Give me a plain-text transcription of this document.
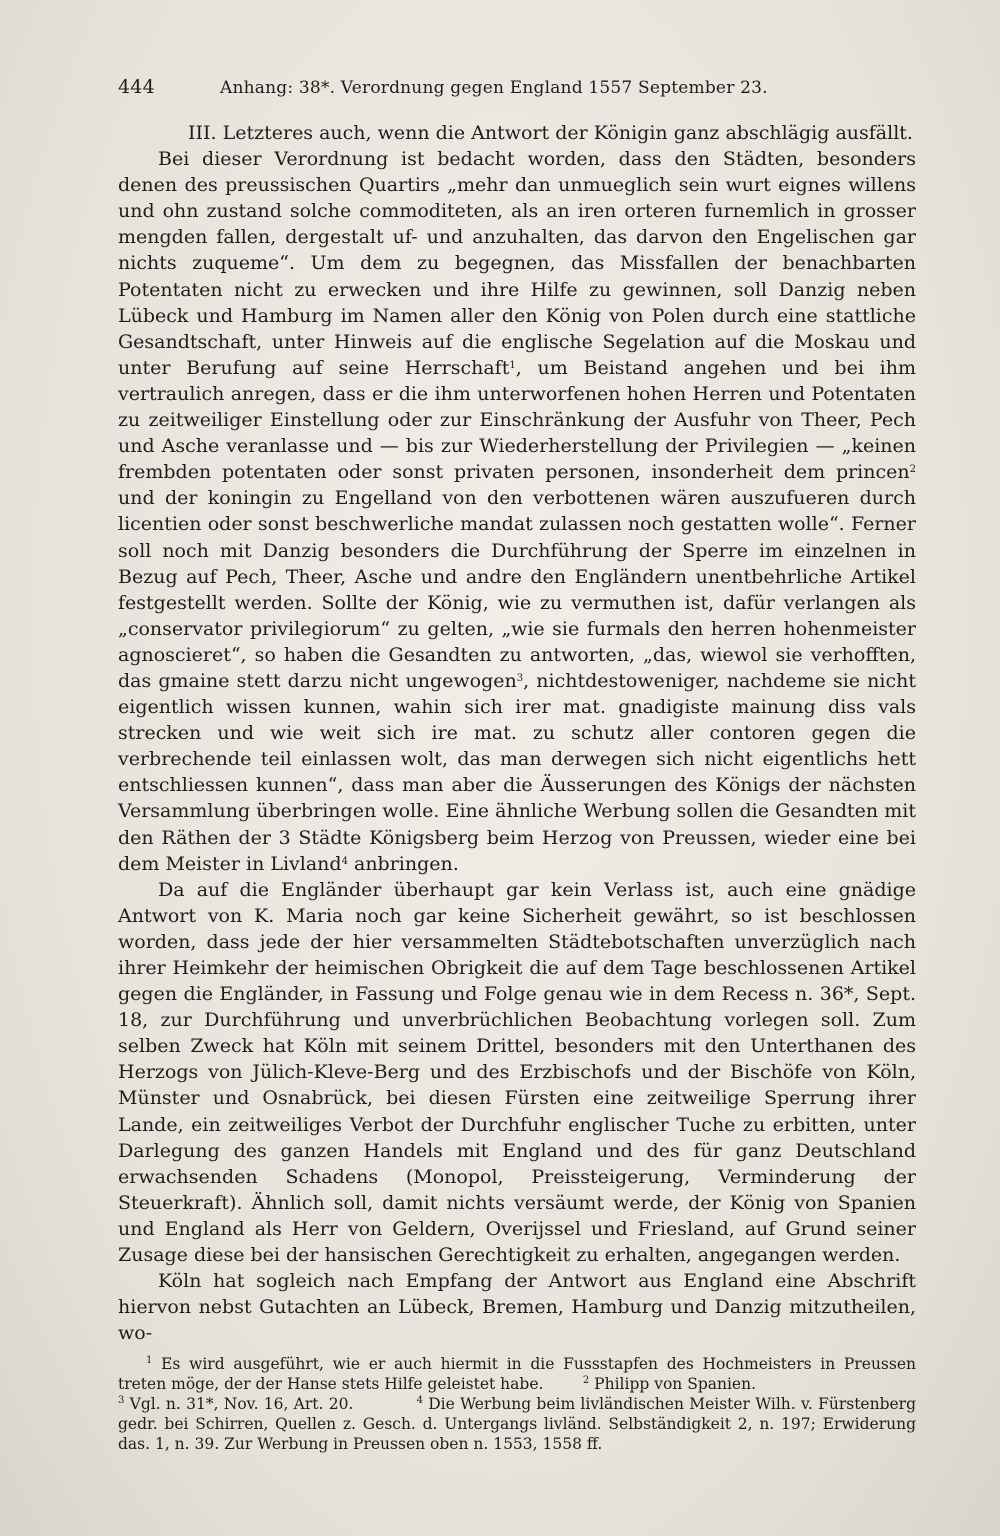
444	Anhang: 38*. Verordnung gegen England 1557 September 23.

III. Letzteres auch, wenn die Antwort der Königin ganz abschlägig ausfällt.

Bei dieser Verordnung ist bedacht worden, dass den Städten, besonders denen des preussischen Quartirs „mehr dan unmueglich sein wurt eignes willens und ohn zustand solche commoditeten, als an iren orteren furnemlich in grosser mengden fallen, dergestalt uf- und anzuhalten, das darvon den Engelischen gar nichts zuqueme“. Um dem zu begegnen, das Missfallen der benachbarten Potentaten nicht zu erwecken und ihre Hilfe zu gewinnen, soll Danzig neben Lübeck und Hamburg im Namen aller den König von Polen durch eine stattliche Gesandtschaft, unter Hinweis auf die englische Segelation auf die Moskau und unter Berufung auf seine Herrschaft$^1$, um Beistand angehen und bei ihm vertraulich anregen, dass er die ihm unterworfenen hohen Herren und Potentaten zu zeitweiliger Einstellung oder zur Einschränkung der Ausfuhr von Theer, Pech und Asche veranlasse und — bis zur Wiederherstellung der Privilegien — „keinen frembden potentaten oder sonst privaten personen, insonderheit dem princen$^2$ und der koningin zu Engelland von den verbottenen wären auszufueren durch licentien oder sonst beschwerliche mandat zulassen noch gestatten wolle“. Ferner soll noch mit Danzig besonders die Durchführung der Sperre im einzelnen in Bezug auf Pech, Theer, Asche und andre den Engländern unentbehrliche Artikel festgestellt werden. Sollte der König, wie zu vermuthen ist, dafür verlangen als „conservator privilegiorum“ zu gelten, „wie sie furmals den herren hohenmeister agnoscieret“, so haben die Gesandten zu antworten, „das, wiewol sie verhofften, das gmaine stett darzu nicht ungewogen$^3$, nichtdestoweniger, nachdeme sie nicht eigentlich wissen kunnen, wahin sich irer mat. gnadigiste mainung diss vals strecken und wie weit sich ire mat. zu schutz aller contoren gegen die verbrechende teil einlassen wolt, das man derwegen sich nicht eigentlichs hett entschliessen kunnen“, dass man aber die Äusserungen des Königs der nächsten Versammlung überbringen wolle. Eine ähnliche Werbung sollen die Gesandten mit den Räthen der 3 Städte Königsberg beim Herzog von Preussen, wieder eine bei dem Meister in Livland$^4$ anbringen.

Da auf die Engländer überhaupt gar kein Verlass ist, auch eine gnädige Antwort von K. Maria noch gar keine Sicherheit gewährt, so ist beschlossen worden, dass jede der hier versammelten Städtebotschaften unverzüglich nach ihrer Heimkehr der heimischen Obrigkeit die auf dem Tage beschlossenen Artikel gegen die Engländer, in Fassung und Folge genau wie in dem Recess n. 36*, Sept. 18, zur Durchführung und unverbrüchlichen Beobachtung vorlegen soll. Zum selben Zweck hat Köln mit seinem Drittel, besonders mit den Unterthanen des Herzogs von Jülich-Kleve-Berg und des Erzbischofs und der Bischöfe von Köln, Münster und Osnabrück, bei diesen Fürsten eine zeitweilige Sperrung ihrer Lande, ein zeitweiliges Verbot der Durchfuhr englischer Tuche zu erbitten, unter Darlegung des ganzen Handels mit England und des für ganz Deutschland erwachsenden Schadens (Monopol, Preissteigerung, Verminderung der Steuerkraft). Ähnlich soll, damit nichts versäumt werde, der König von Spanien und England als Herr von Geldern, Overijssel und Friesland, auf Grund seiner Zusage diese bei der hansischen Gerechtigkeit zu erhalten, angegangen werden.

Köln hat sogleich nach Empfang der Antwort aus England eine Abschrift hiervon nebst Gutachten an Lübeck, Bremen, Hamburg und Danzig mitzutheilen, wo-

$^1$ Es wird ausgeführt, wie er auch hiermit in die Fussstapfen des Hochmeisters in Preussen treten möge, der der Hanse stets Hilfe geleistet habe.	$^2$ Philipp von Spanien.

$^3$ Vgl. n. 31*, Nov. 16, Art. 20.	$^4$ Die Werbung beim livländischen Meister Wilh. v. Fürstenberg gedr. bei Schirren, Quellen z. Gesch. d. Untergangs livländ. Selbständigkeit 2, n. 197; Erwiderung das. 1, n. 39. Zur Werbung in Preussen oben n. 1553, 1558 ff.
